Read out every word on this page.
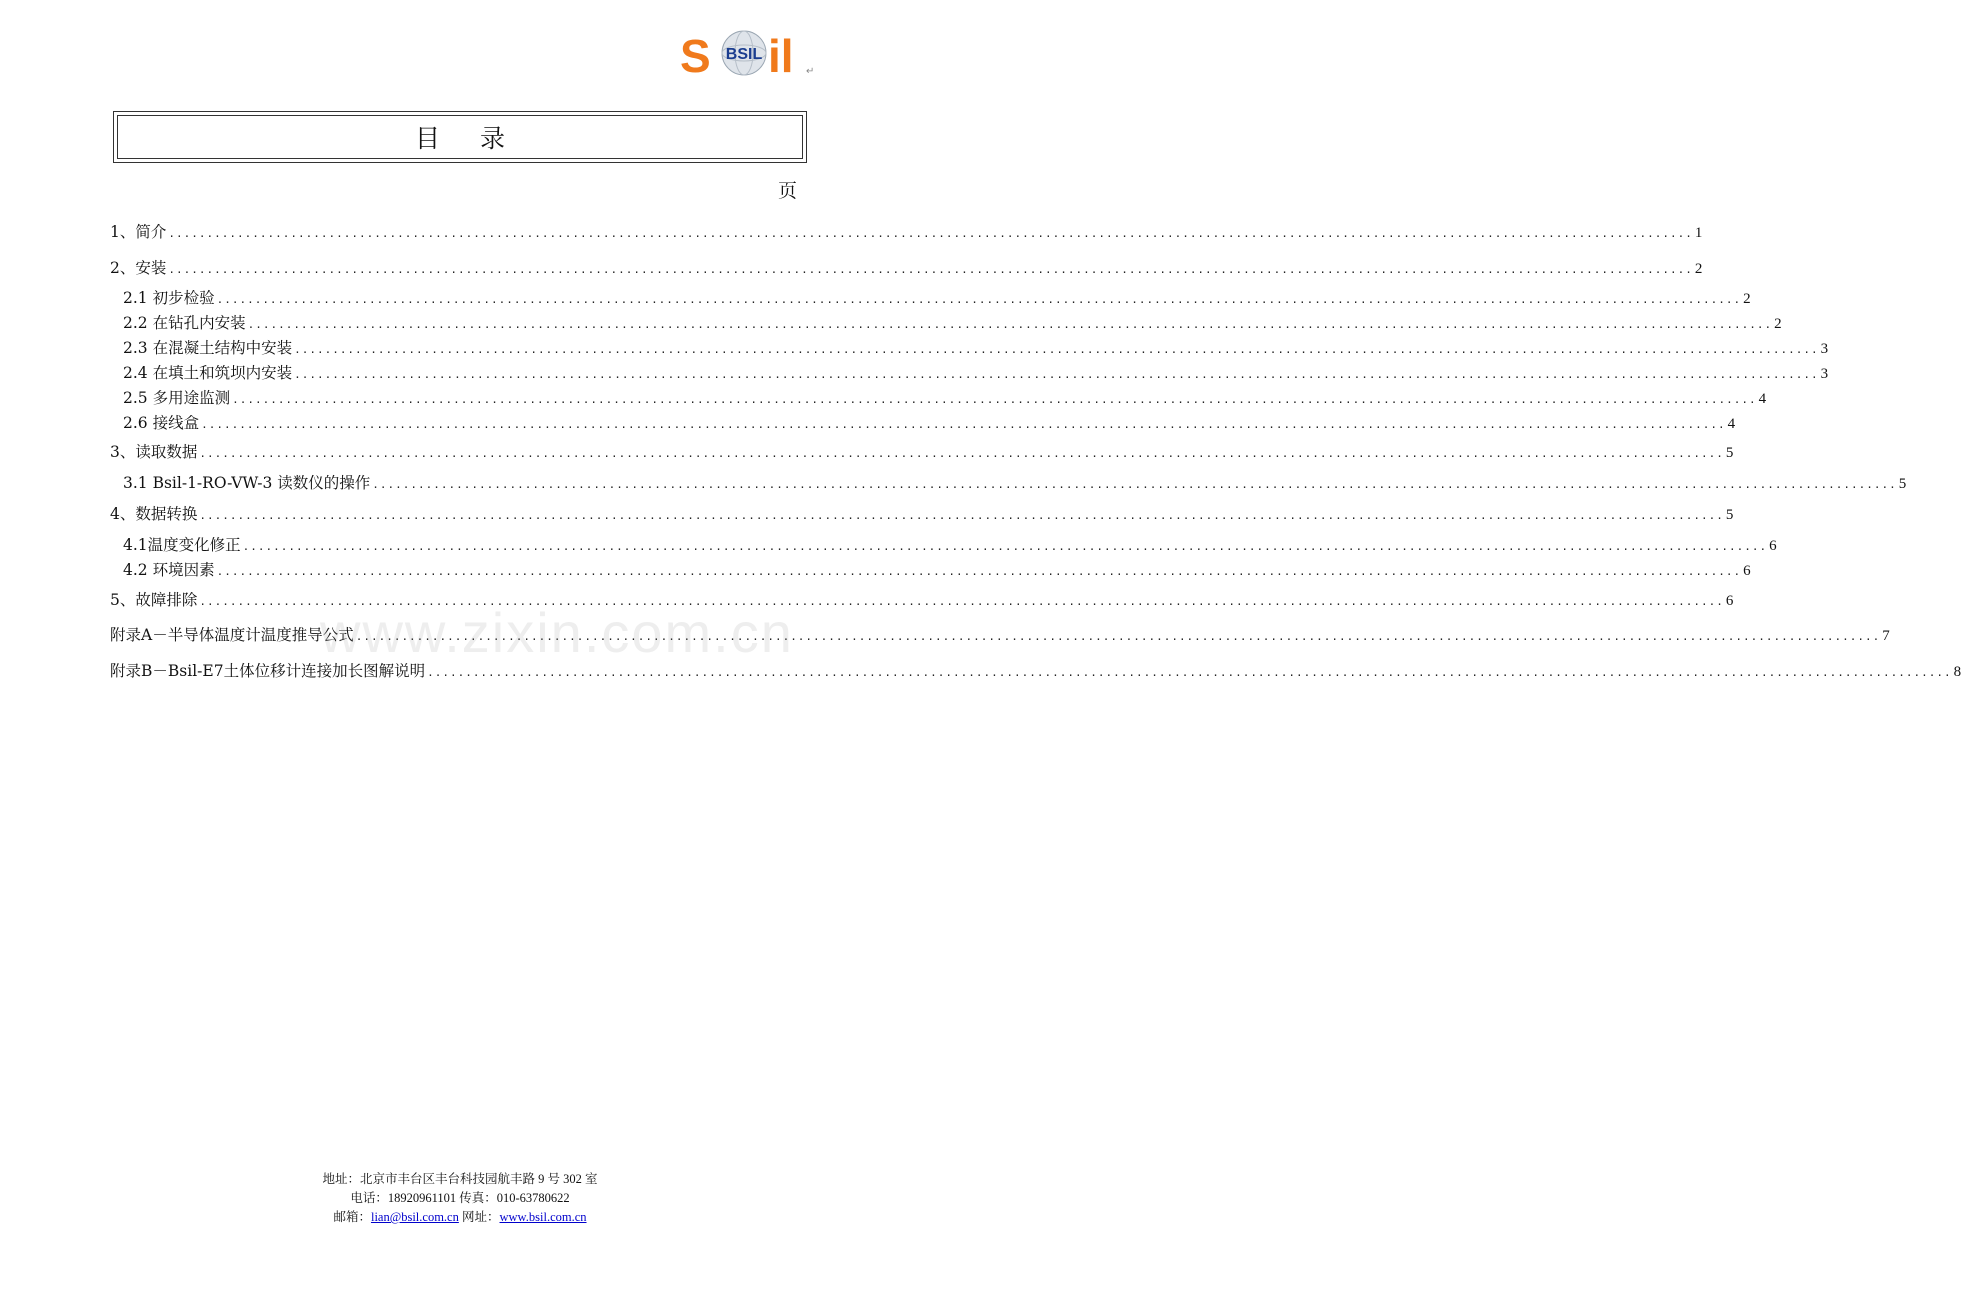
S BSIL il ↵
目录
页
1、 简介 ........................................................................................................................................................................................................ 1
2、 安装 ........................................................................................................................................................................................................ 2
2.1 初步检验 ........................................................................................................................................................................................................ 2
2.2 在钻孔内安装 ........................................................................................................................................................................................................ 2
2.3 在混凝土结构中安装 ........................................................................................................................................................................................................ 3
2.4 在填土和筑坝内安装 ........................................................................................................................................................................................................ 3
2.5 多用途监测 ........................................................................................................................................................................................................ 4
2.6 接线盒 ........................................................................................................................................................................................................ 4
3、 读取数据 ........................................................................................................................................................................................................ 5
3.1 Bsil-1-RO-VW-3 读数仪的操作 ........................................................................................................................................................................................................ 5
4、 数据转换 ........................................................................................................................................................................................................ 5
4.1温度变化修正 ........................................................................................................................................................................................................ 6
4.2 环境因素 ........................................................................................................................................................................................................ 6
5、 故障排除 ........................................................................................................................................................................................................ 6
附录A－半导体温度计温度推导公式 ........................................................................................................................................................................................................ 7
附录B－Bsil-E7土体位移计连接加长图解说明 ........................................................................................................................................................................................................ 8
www.zixin.com.cn
地址：北京市丰台区丰台科技园航丰路 9 号 302 室
电话：18920961101 传真：010-63780622
邮箱：lian@bsil.com.cn 网址：www.bsil.com.cn
